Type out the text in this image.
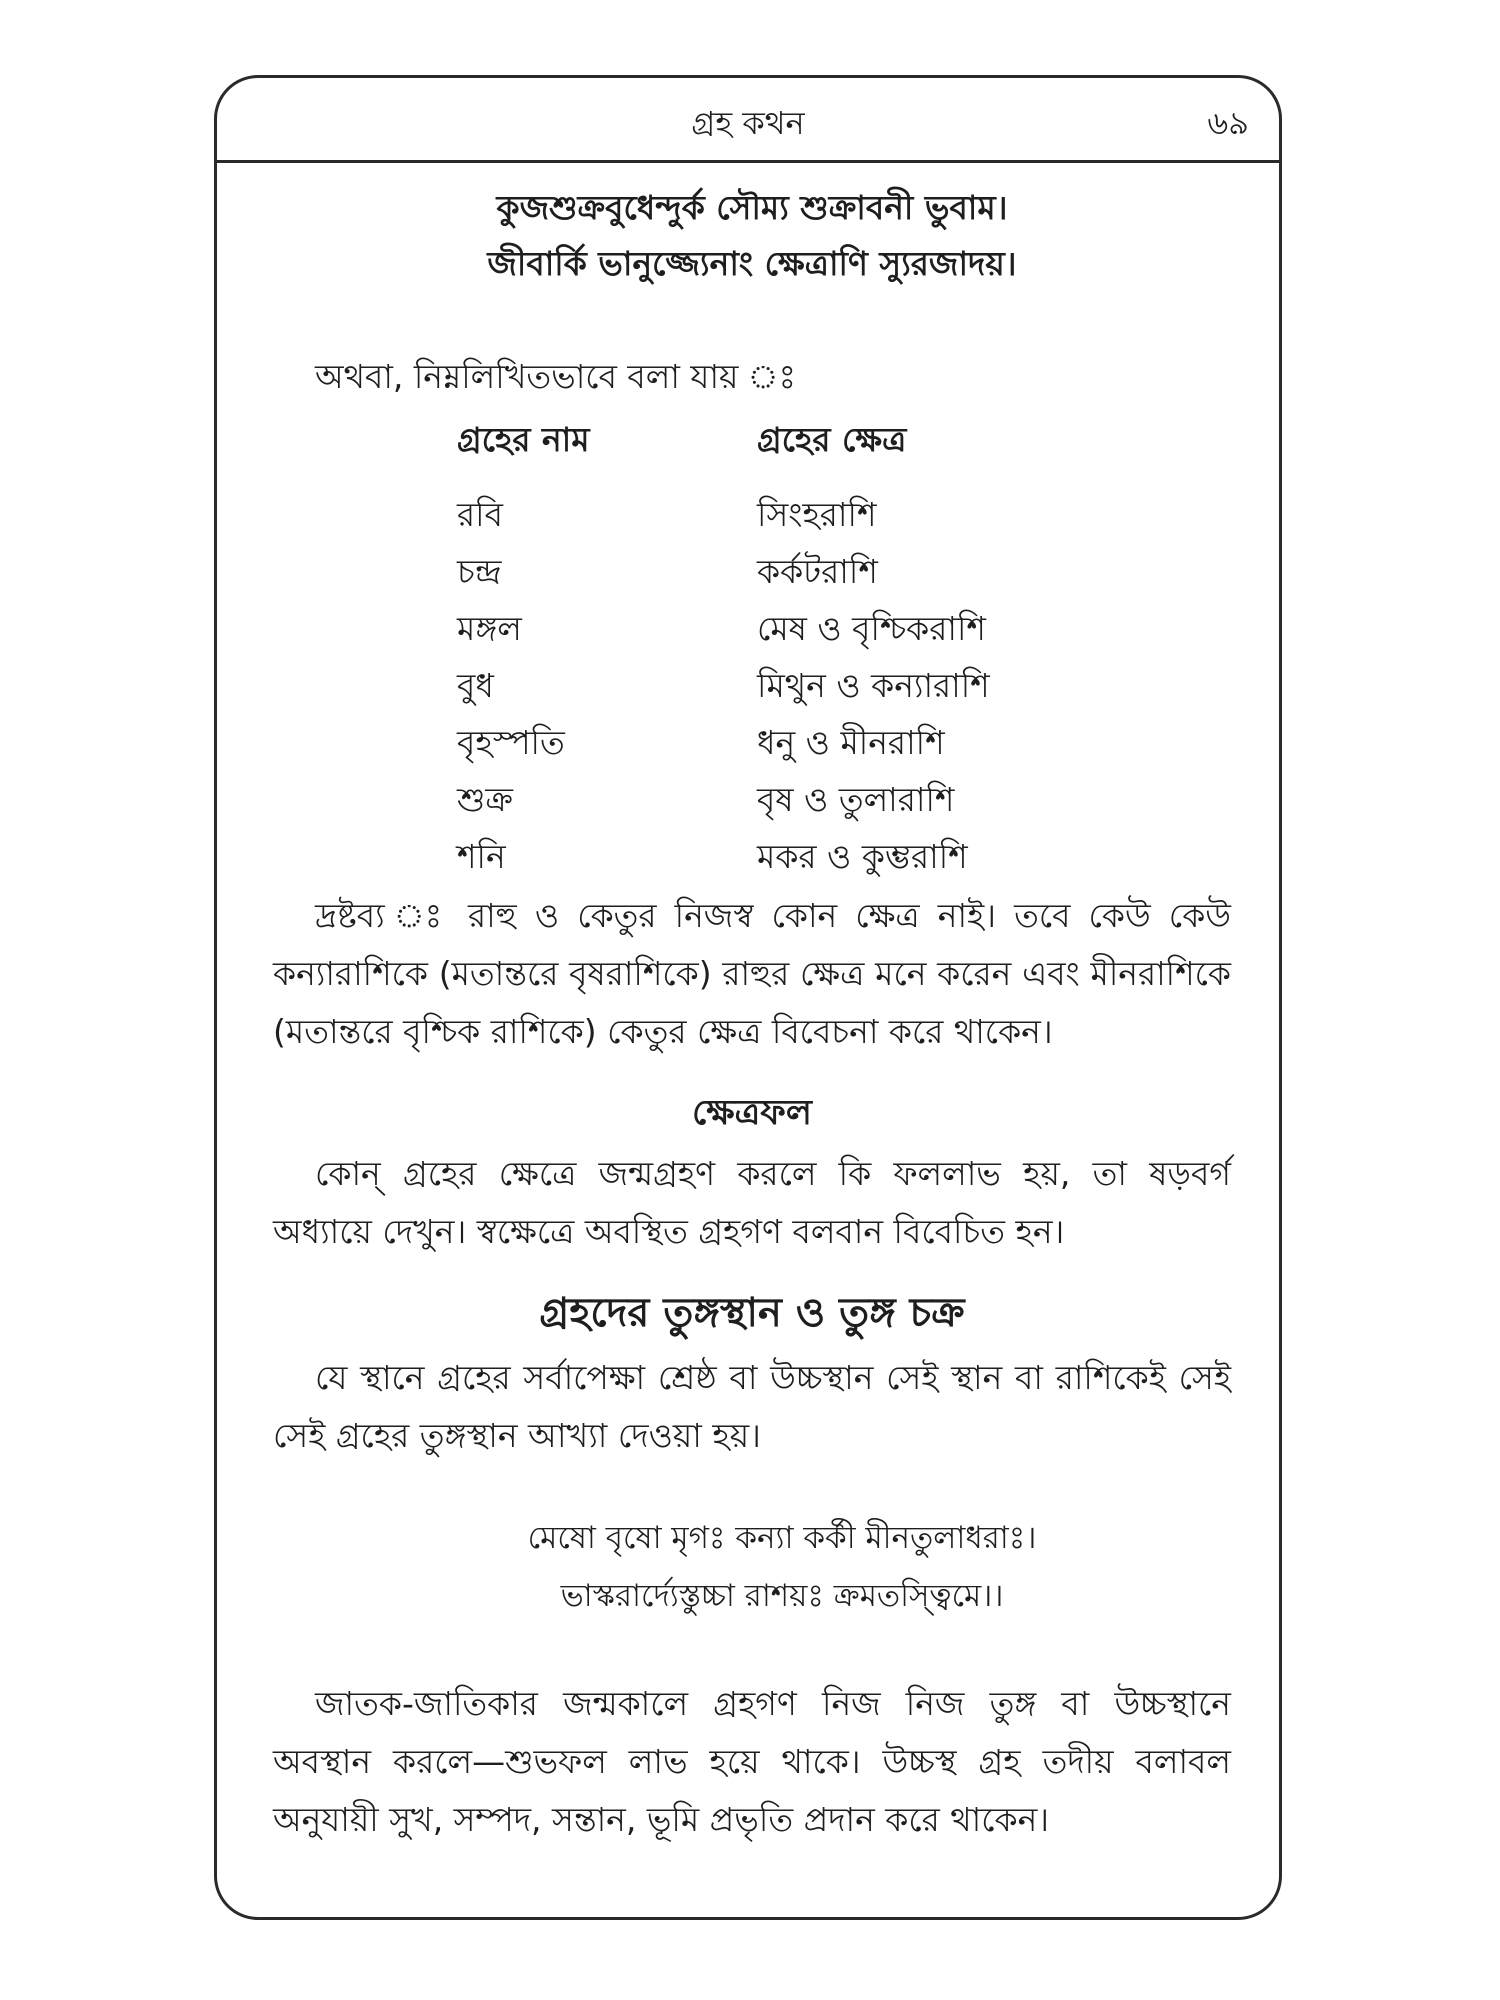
গ্রহ কথন	৬৯
কুজশুক্রবুধেন্দুর্ক সৌম্য শুক্রাবনী ভুবাম।
জীবার্কি ভানুজ্জ্যেনাং ক্ষেত্রাণি স্যুরজাদয়।

অথবা, নিম্নলিখিতভাবে বলা যায় ঃ

গ্রহের নাম	গ্রহের ক্ষেত্র
রবি	সিংহরাশি
চন্দ্র	কর্কটরাশি
মঙ্গল	মেষ ও বৃশ্চিকরাশি
বুধ	মিথুন ও কন্যারাশি
বৃহস্পতি	ধনু ও মীনরাশি
শুক্র	বৃষ ও তুলারাশি
শনি	মকর ও কুম্ভরাশি

দ্রষ্টব্য ঃ রাহু ও কেতুর নিজস্ব কোন ক্ষেত্র নাই। তবে কেউ কেউ কন্যারাশিকে (মতান্তরে বৃষরাশিকে) রাহুর ক্ষেত্র মনে করেন এবং মীনরাশিকে (মতান্তরে বৃশ্চিক রাশিকে) কেতুর ক্ষেত্র বিবেচনা করে থাকেন।

ক্ষেত্রফল

কোন্ গ্রহের ক্ষেত্রে জন্মগ্রহণ করলে কি ফললাভ হয়, তা ষড়বর্গ অধ্যায়ে দেখুন। স্বক্ষেত্রে অবস্থিত গ্রহগণ বলবান বিবেচিত হন।

গ্রহদের তুঙ্গস্থান ও তুঙ্গ চক্র

যে স্থানে গ্রহের সর্বাপেক্ষা শ্রেষ্ঠ বা উচ্চস্থান সেই স্থান বা রাশিকেই সেই সেই গ্রহের তুঙ্গস্থান আখ্যা দেওয়া হয়।

মেষো বৃষো মৃগঃ কন্যা কর্কী মীনতুলাধরাঃ।
ভাস্করার্দ্যেস্তুচ্চা রাশয়ঃ ক্রমতস্ত্বিমে।।

জাতক-জাতিকার জন্মকালে গ্রহগণ নিজ নিজ তুঙ্গ বা উচ্চস্থানে অবস্থান করলে—শুভফল লাভ হয়ে থাকে। উচ্চস্থ গ্রহ তদীয় বলাবল অনুযায়ী সুখ, সম্পদ, সন্তান, ভূমি প্রভৃতি প্রদান করে থাকেন।
